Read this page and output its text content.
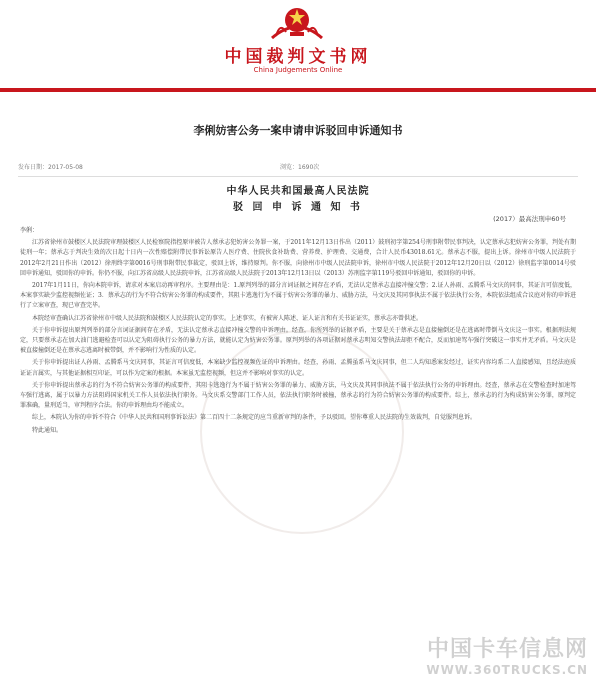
中国裁判文书网
China Judgements Online
李俐妨害公务一案申请申诉驳回申诉通知书
发布日期：2017-05-08	浏览：1690次
中华人民共和国最高人民法院
驳 回 申 诉 通 知 书
(2017）最高法刑申60号

李俐：

江苏省徐州市鼓楼区人民法院审理鼓楼区人民检察院指控原审被告人蔡承志犯妨害公务罪一案，于2011年12月13日作出（2011）鼓刑初字第254号刑事附带民事判决，认定蔡承志犯妨害公务罪，判处有期徒刑一年；蔡承志于判决生效的次日起十日内一次性赔偿附带民事诉讼原告人医疗费、住院伙食补助费、营养费、护理费、交通费，合计人民币43018.61元。蔡承志不服，提出上诉。徐州市中级人民法院于2012年2月21日作出（2012）徐刑终字第0016号刑事附带民事裁定，驳回上诉，维持原判。你不服，向徐州市中级人民法院申诉，徐州市中级人民法院于2012年12月20日以（2012）徐刑监字第0014号驳回申诉通知，驳回你的申诉。你仍不服，向江苏省高级人民法院申诉，江苏省高级人民法院于2013年12月13日以（2013）苏刑监字第119号驳回申诉通知，驳回你的申诉。

2017年1月11日，你向本院申诉，请求对本案启动再审程序。主要理由是：1.原判列举的部分言词证据之间存在矛盾，无法认定蔡承志直接冲撞交警；2.证人孙雨、孟腾系马文庆的同事，其证言可信度低，本案事实缺少监控视频佐证；3．蔡承志的行为不符合妨害公务罪的构成要件，其阻卡逃逸行为不属于妨害公务罪的暴力、威胁方法，马文庆及其同事执法不属于依法执行公务，本院依法组成合议庭对你的申诉进行了立案审查，现已审查完毕。

本院经审查确认江苏省徐州市中级人民法院和鼓楼区人民法院认定的事实。上述事实，有被害人陈述、证人证言和有关书证证实，蔡承志亦曾供述。

关于你申诉提出原判列举的部分言词证据间存在矛盾，无法认定蔡承志直接冲撞交警的申诉理由。经查，你所列举的证据矛盾，主要是关于蔡承志是直接撞倒还是在逃离时带倒马文庆这一事实。根据刑法规定，只要蔡承志在加大油门逃避检查可以认定为阻碍执行公务的暴力方法，就能认定为妨害公务罪。原判列举的各项证据对蔡承志明知交警执法却拒不配合，反而加速驾车强行突破这一事实并无矛盾。马文庆是被直接撞倒还是在蔡承志逃离时被带倒，并不影响行为性质的认定。

关于你申诉提出证人孙雨、孟腾系马文庆同事，其证言可信度低，本案缺少监控视频佐证的申诉理由。经查，孙雨、孟腾虽系马文庆同事，但二人均知悉案发经过，证实内容均系二人直接感知，且经法庭质证证言属实，与其他证据相互印证，可以作为定案的根据。本案虽无监控视频，但这并不影响对事实的认定。

关于你申诉提出蔡承志的行为不符合妨害公务罪的构成要件，其阻卡逃逸行为不属于妨害公务罪的暴力、威胁方法，马文庆及其同事执法不属于依法执行公务的申诉理由。经查，蔡承志在交警检查时加速驾车强行逃离，属于以暴力方法阻碍国家机关工作人员依法执行职务。马文庆系交警部门工作人员，依法执行职务时被撞，蔡承志的行为符合妨害公务罪的构成要件。综上，蔡承志的行为构成妨害公务罪，原判定罪准确，量刑适当，审判程序合法。你的申诉理由均不能成立。

综上，本院认为你的申诉不符合《中华人民共和国刑事诉讼法》第二百四十二条规定的应当重新审判的条件，予以驳回。望你尊重人民法院的生效裁判，自觉服判息诉。

特此通知。

中国卡车信息网
WWW.360TRUCKS.CN
